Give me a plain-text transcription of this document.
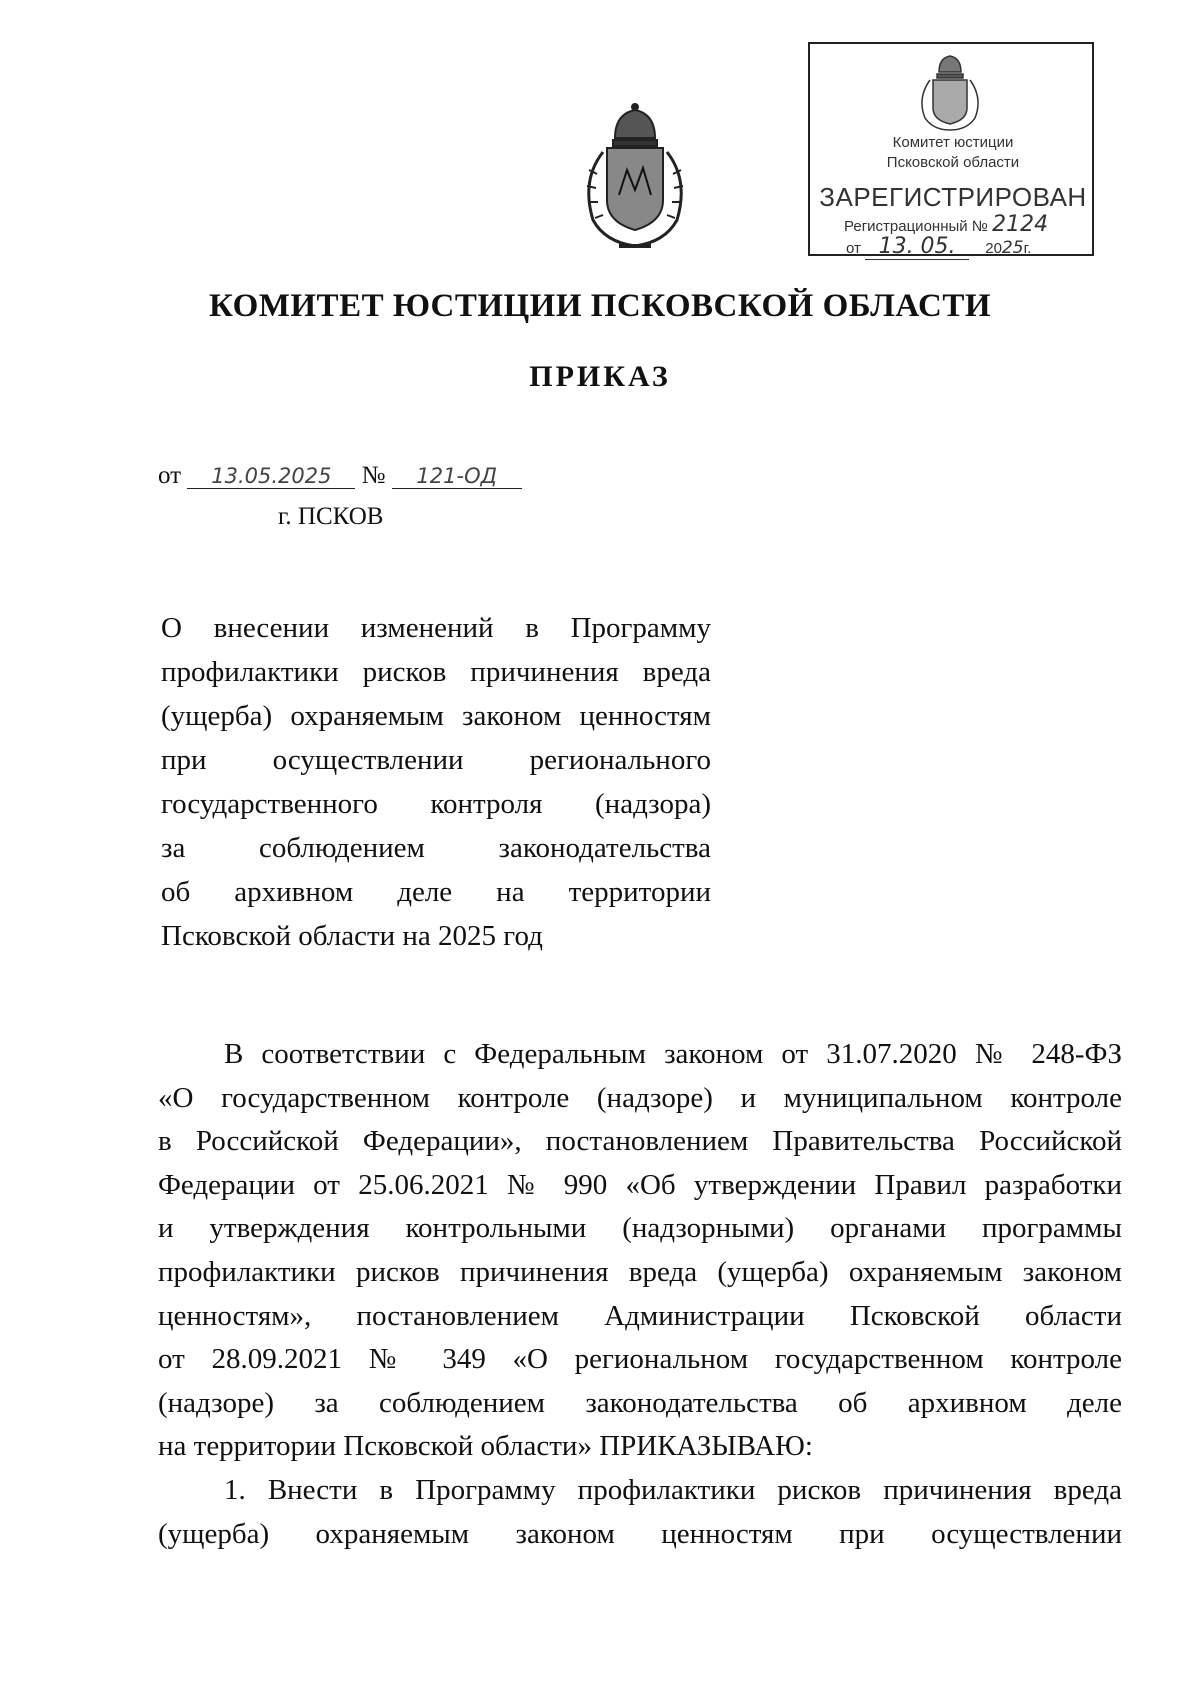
Комитет юстиции
Псковской области
ЗАРЕГИСТРИРОВАН
Регистрационный № 2124
от 13. 05. 2025г.
КОМИТЕТ ЮСТИЦИИ ПСКОВСКОЙ ОБЛАСТИ
ПРИКАЗ
от 13.05.2025 № 121-ОД
г. ПСКОВ
О внесении изменений в Программу
профилактики рисков причинения вреда
(ущерба) охраняемым законом ценностям
при осуществлении регионального
государственного контроля (надзора)
за соблюдением законодательства
об архивном деле на территории
Псковской области на 2025 год
В соответствии с Федеральным законом от 31.07.2020 № 248-ФЗ
«О государственном контроле (надзоре) и муниципальном контроле
в Российской Федерации», постановлением Правительства Российской
Федерации от 25.06.2021 № 990 «Об утверждении Правил разработки
и утверждения контрольными (надзорными) органами программы
профилактики рисков причинения вреда (ущерба) охраняемым законом
ценностям», постановлением Администрации Псковской области
от 28.09.2021 № 349 «О региональном государственном контроле
(надзоре) за соблюдением законодательства об архивном деле
на территории Псковской области» ПРИКАЗЫВАЮ:
1. Внести в Программу профилактики рисков причинения вреда
(ущерба) охраняемым законом ценностям при осуществлении
